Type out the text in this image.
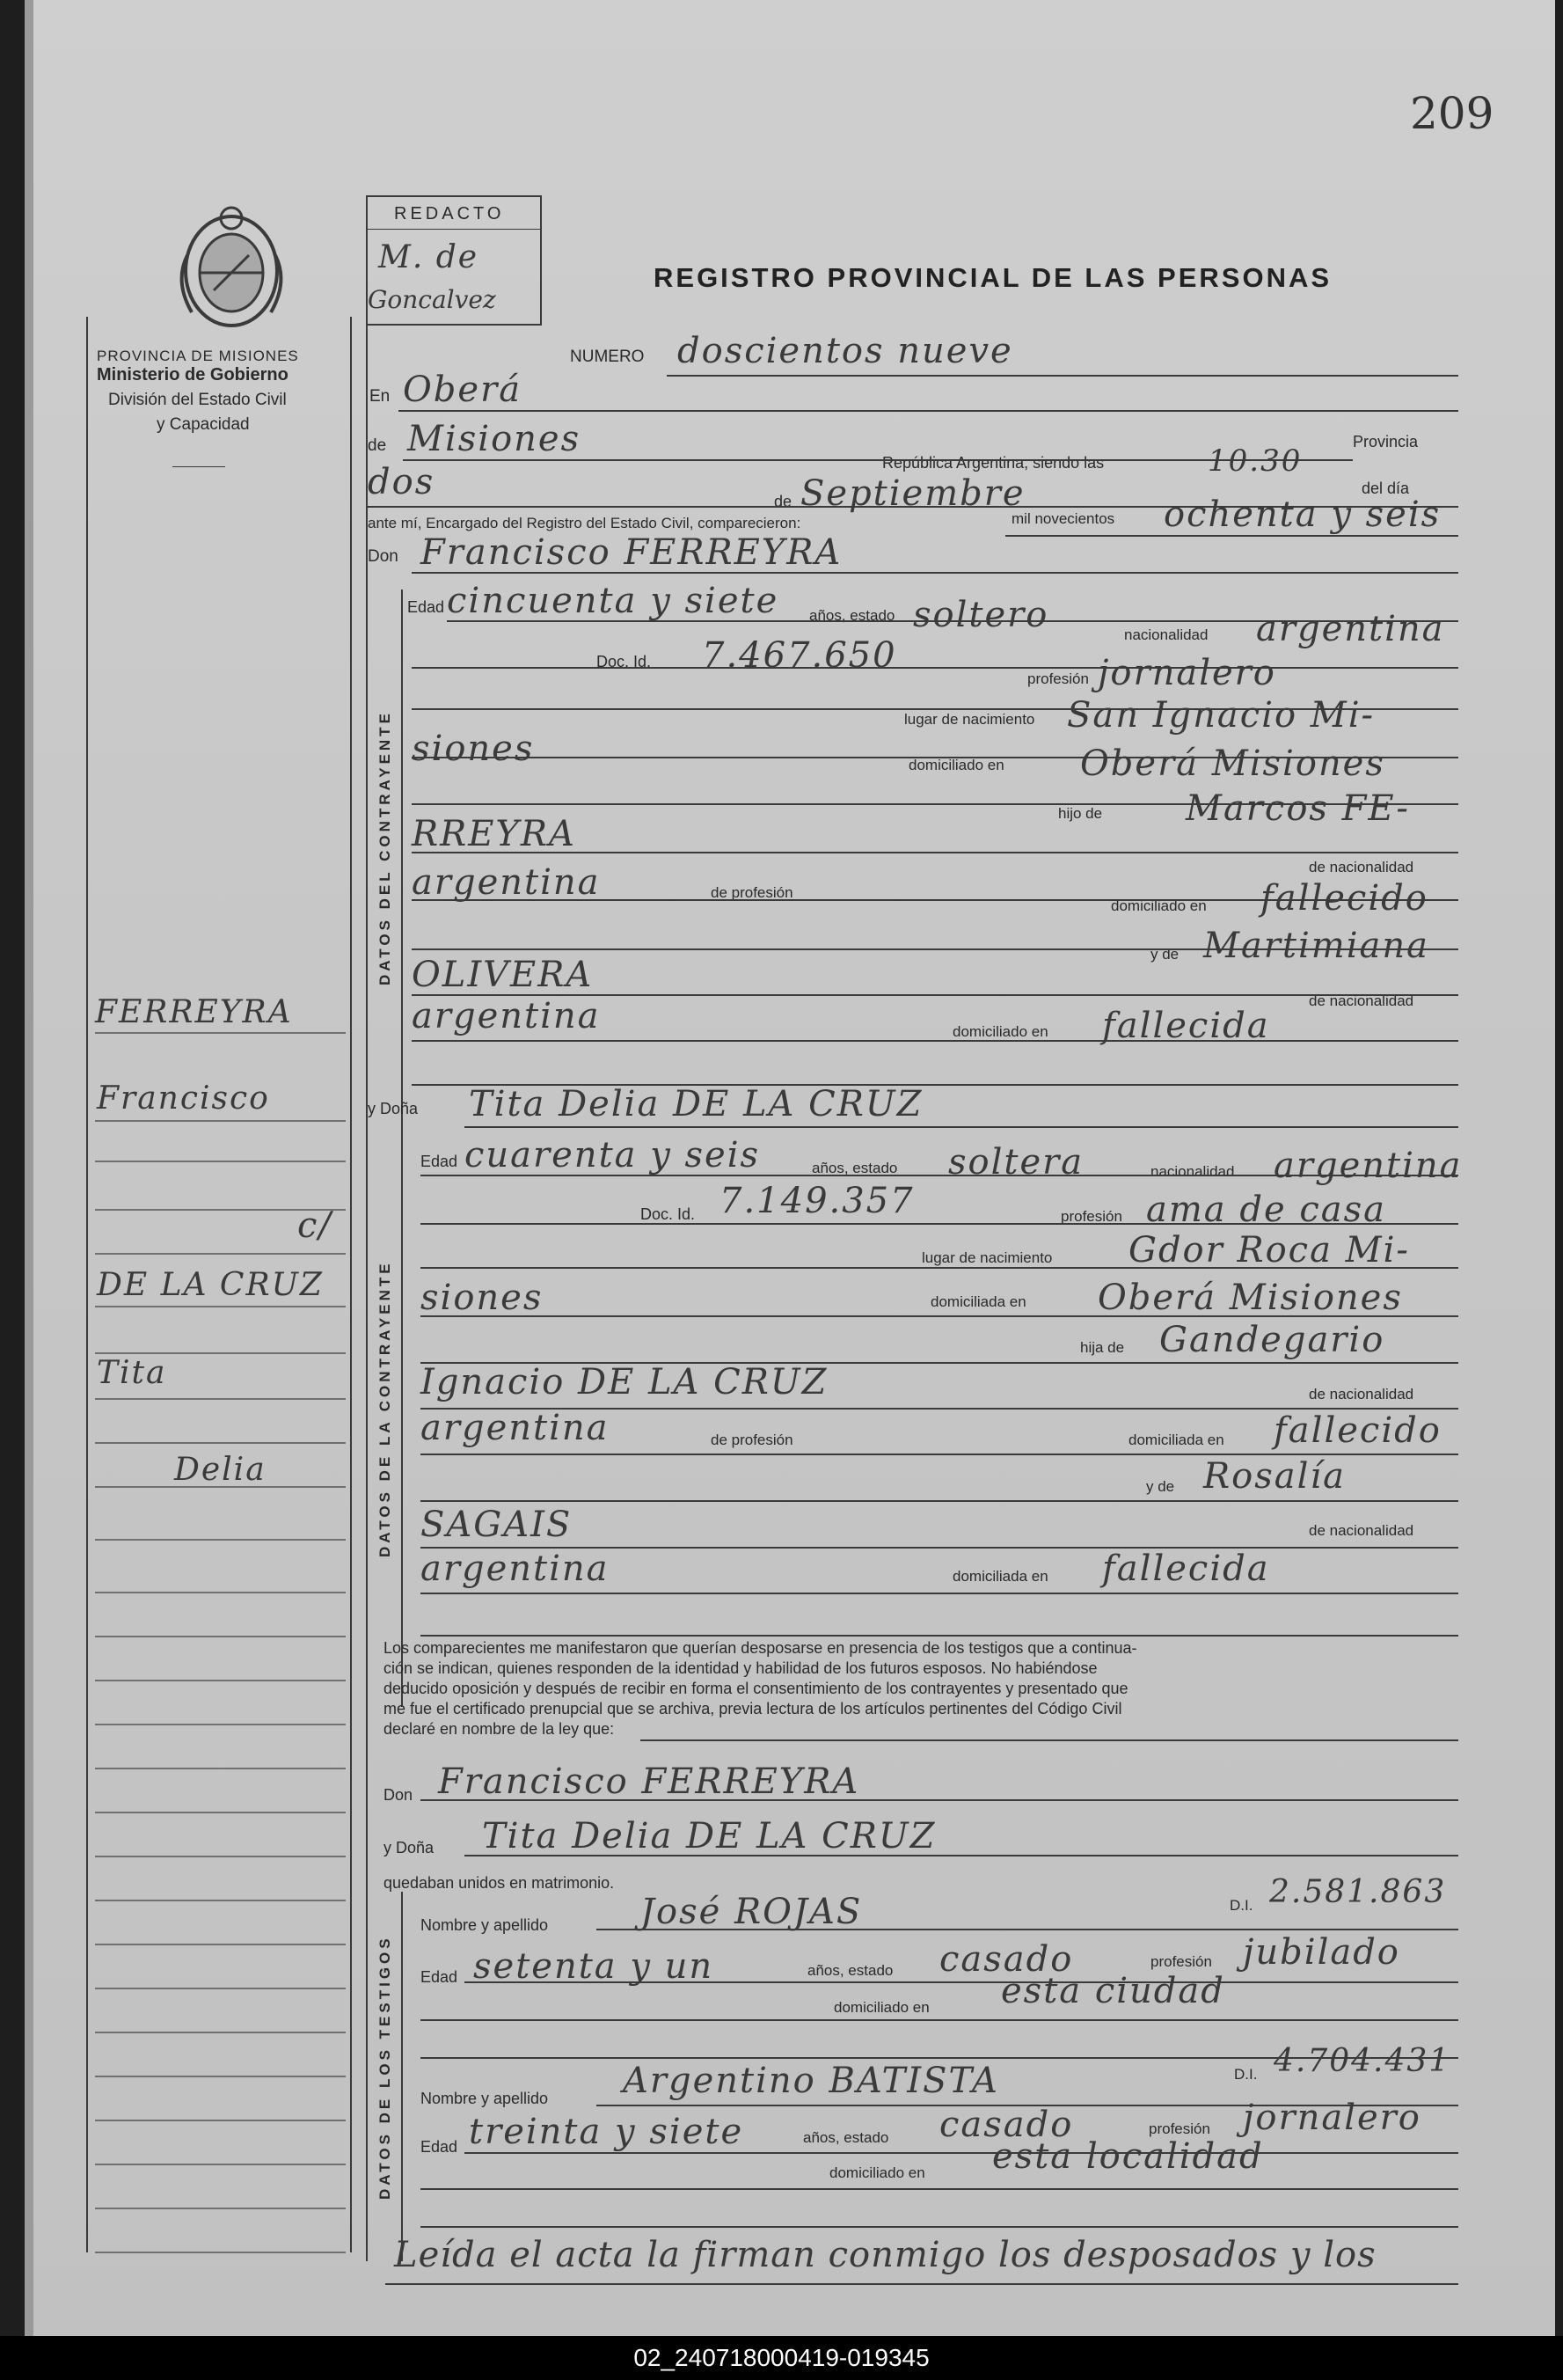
209
PROVINCIA DE MISIONES
Ministerio de Gobierno
División del Estado Civil
y Capacidad
FERREYRA
Francisco
c/
DE LA CRUZ
Tita
Delia
REDACTO
M. de
Goncalvez
REGISTRO PROVINCIAL DE LAS PERSONAS
NUMERO doscientos nueve
En Oberá
de Misiones
República Argentina, siendo las	10.30
Provincia
del día
dos	de Septiembre
mil novecientos ochenta y seis
ante mí, Encargado del Registro del Estado Civil, comparecieron:
Don Francisco FERREYRA
DATOS DEL CONTRAYENTE
Edad cincuenta y siete años, estado soltero	nacionalidad argentina
Doc. Id. 7.467.650
profesión jornalero
lugar de nacimiento San Ignacio Mi-
siones	domiciliado en Oberá Misiones
hijo de Marcos FE-
RREYRA
de nacionalidad
argentina	de profesión
domiciliado en fallecido
y de Martimiana
OLIVERA
de nacionalidad
argentina	domiciliado en fallecida
y Doña Tita Delia DE LA CRUZ
DATOS DE LA CONTRAYENTE
Edad cuarenta y seis	años, estado soltera	nacionalidad argentina
Doc. Id. 7.149.357	profesión ama de casa
lugar de nacimiento Gdor Roca Mi-
siones	domiciliada en Oberá Misiones
hija de Gandegario
Ignacio DE LA CRUZ	de nacionalidad
argentina	de profesión	domiciliada en fallecido
y de Rosalía
SAGAIS	de nacionalidad
argentina	domiciliada en fallecida
Los comparecientes me manifestaron que querían desposarse en presencia de los testigos que a continua-
ción se indican, quienes responden de la identidad y habilidad de los futuros esposos. No habiéndose
deducido oposición y después de recibir en forma el consentimiento de los contrayentes y presentado que
me fue el certificado prenupcial que se archiva, previa lectura de los artículos pertinentes del Código Civil
declaré en nombre de la ley que:
Don Francisco FERREYRA
y Doña Tita Delia DE LA CRUZ
quedaban unidos en matrimonio.
DATOS DE LOS TESTIGOS
Nombre y apellido	José ROJAS	D.I. 2.581.863
Edad setenta y un	años, estado casado	profesión jubilado
domiciliado en esta ciudad
Nombre y apellido Argentino BATISTA	D.I. 4.704.431
Edad treinta y siete	años, estado casado	profesión jornalero
domiciliado en esta localidad
Leída el acta la firman conmigo los desposados y los
02_240718000419-019345
